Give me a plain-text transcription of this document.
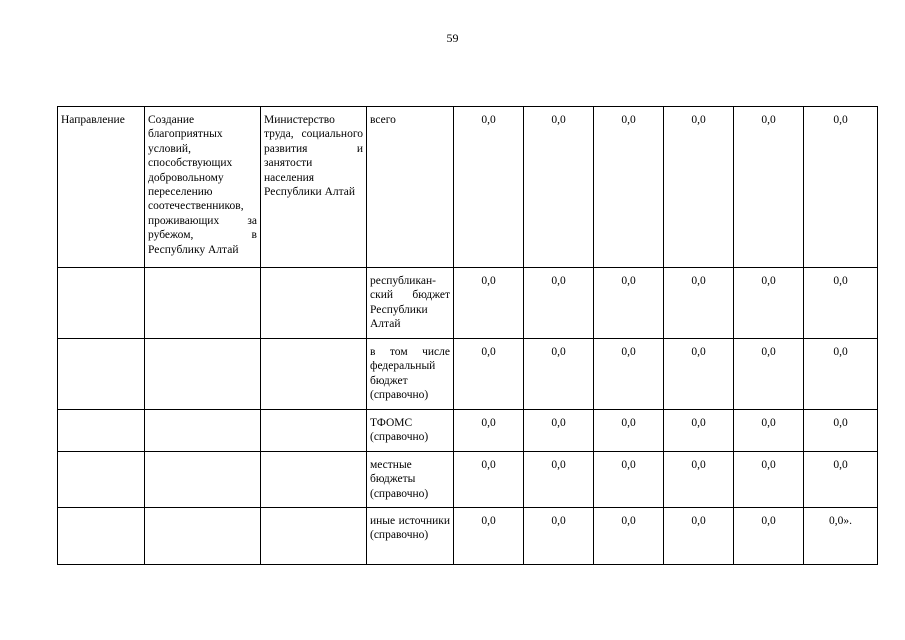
59
Направление	Создание благоприятных условий, способствующих добровольному переселению соотечественников, проживающих за рубежом, в Республику Алтай	Министерство труда, социального развития и занятости населения Республики Алтай	всего	0,0	0,0	0,0	0,0	0,0	0,0
			республикан-ский бюджет Республики Алтай	0,0	0,0	0,0	0,0	0,0	0,0
			в том числе федеральный бюджет (справочно)	0,0	0,0	0,0	0,0	0,0	0,0
			ТФОМС (справочно)	0,0	0,0	0,0	0,0	0,0	0,0
			местные бюджеты (справочно)	0,0	0,0	0,0	0,0	0,0	0,0
			иные источники (справочно)	0,0	0,0	0,0	0,0	0,0	0,0».
